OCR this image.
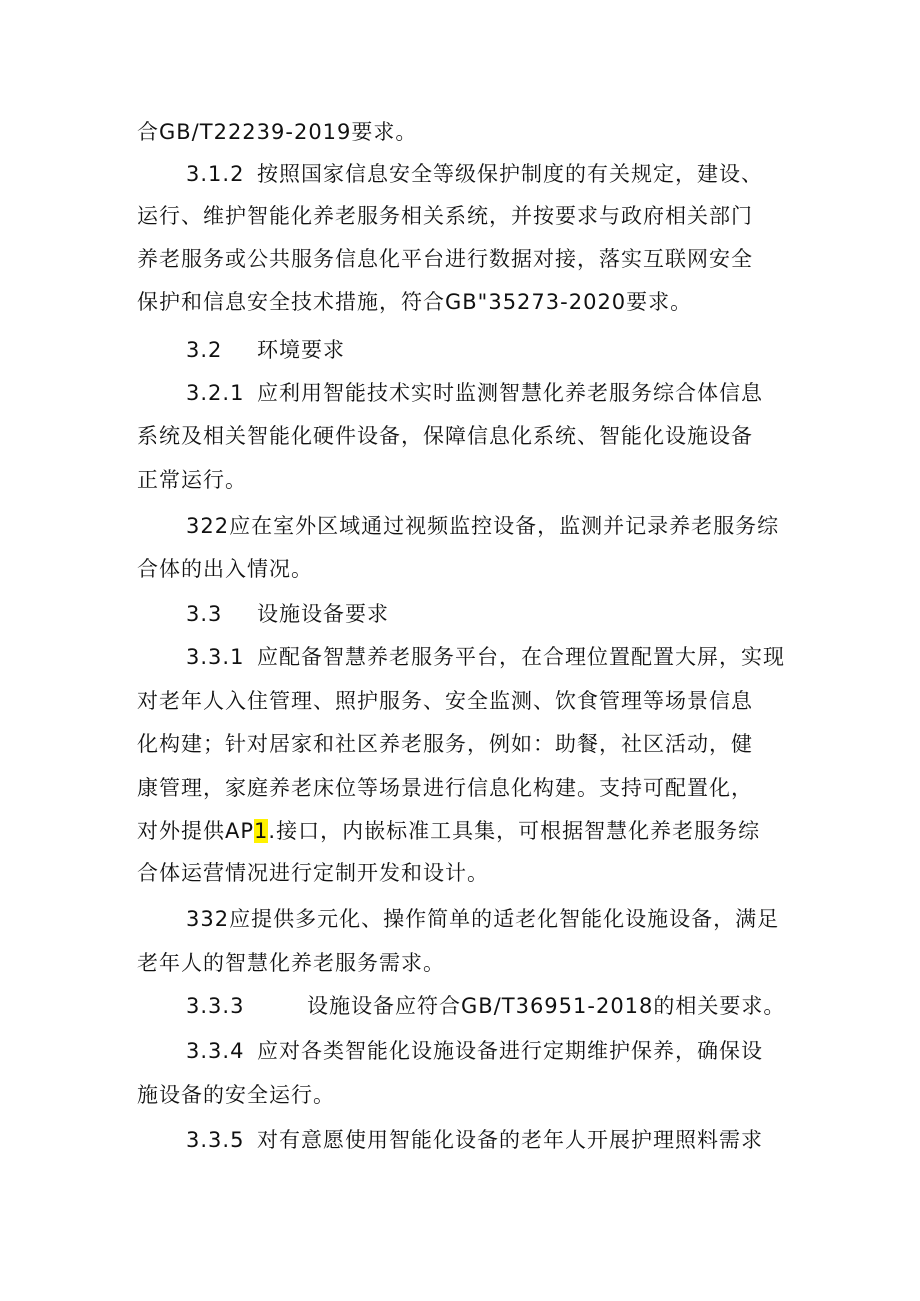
合GB/T22239-2019要求。
3.1.2 按照国家信息安全等级保护制度的有关规定，建设、
运行、维护智能化养老服务相关系统，并按要求与政府相关部门
养老服务或公共服务信息化平台进行数据对接，落实互联网安全
保护和信息安全技术措施，符合GB"35273-2020要求。
3.2 环境要求
3.2.1 应利用智能技术实时监测智慧化养老服务综合体信息
系统及相关智能化硬件设备，保障信息化系统、智能化设施设备
正常运行。
322应在室外区域通过视频监控设备，监测并记录养老服务综
合体的出入情况。
3.3 设施设备要求
3.3.1 应配备智慧养老服务平台，在合理位置配置大屏，实现
对老年人入住管理、照护服务、安全监测、饮食管理等场景信息
化构建；针对居家和社区养老服务，例如：助餐，社区活动，健
康管理，家庭养老床位等场景进行信息化构建。支持可配置化，
对外提供AP1.接口，内嵌标准工具集，可根据智慧化养老服务综
合体运营情况进行定制开发和设计。
332应提供多元化、操作简单的适老化智能化设施设备，满足
老年人的智慧化养老服务需求。
3.3.3	设施设备应符合GB/T36951-2018的相关要求。
3.3.4 应对各类智能化设施设备进行定期维护保养，确保设
施设备的安全运行。
3.3.5 对有意愿使用智能化设备的老年人开展护理照料需求
